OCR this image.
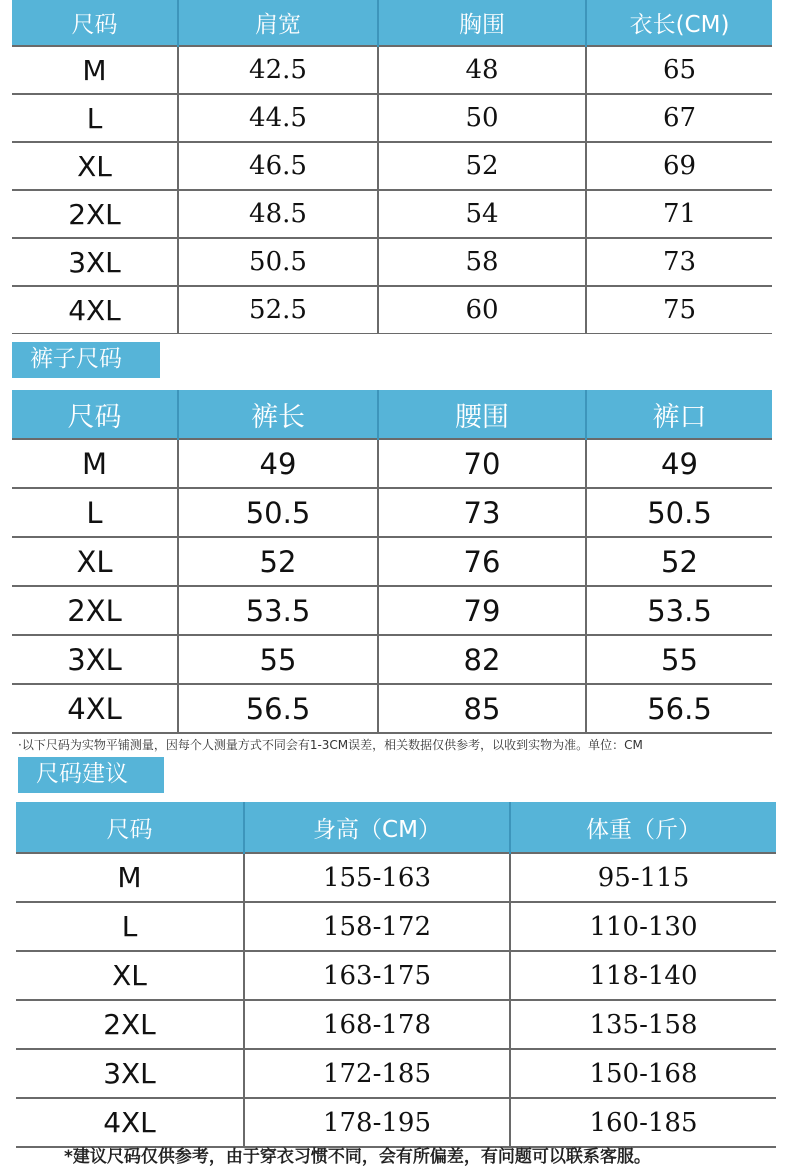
尺码	肩宽	胸围	衣长(CM)
M	42.5	48	65
L	44.5	50	67
XL	46.5	52	69
2XL	48.5	54	71
3XL	50.5	58	73
4XL	52.5	60	75
裤子尺码
尺码	裤长	腰围	裤口
M	49	70	49
L	50.5	73	50.5
XL	52	76	52
2XL	53.5	79	53.5
3XL	55	82	55
4XL	56.5	85	56.5
·以下尺码为实物平铺测量，因每个人测量方式不同会有1-3CM误差，相关数据仅供参考，以收到实物为准。单位：CM
尺码建议
尺码	身高（CM）	体重（斤）
M	155-163	95-115
L	158-172	110-130
XL	163-175	118-140
2XL	168-178	135-158
3XL	172-185	150-168
4XL	178-195	160-185
*建议尺码仅供参考，由于穿衣习惯不同，会有所偏差，有问题可以联系客服。
